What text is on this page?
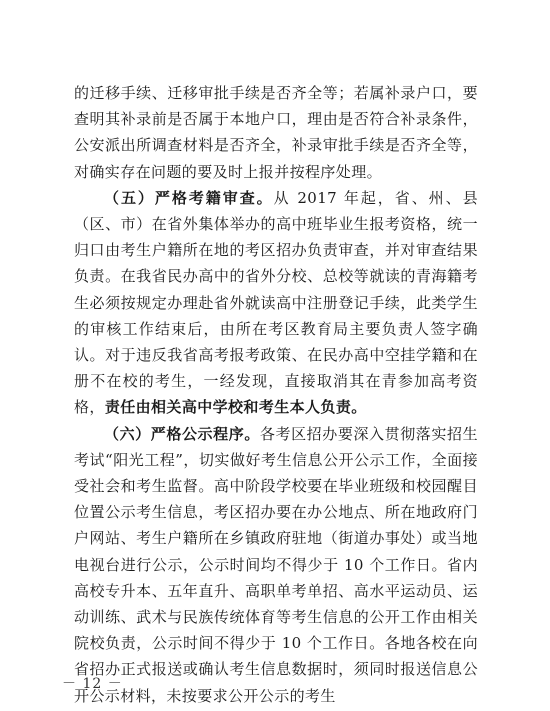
的迁移手续、迁移审批手续是否齐全等；若属补录户口，要查明其补录前是否属于本地户口，理由是否符合补录条件，公安派出所调查材料是否齐全，补录审批手续是否齐全等，对确实存在问题的要及时上报并按程序处理。

（五）严格考籍审查。从 2017 年起，省、州、县（区、市）在省外集体举办的高中班毕业生报考资格，统一归口由考生户籍所在地的考区招办负责审查，并对审查结果负责。在我省民办高中的省外分校、总校等就读的青海籍考生必须按规定办理赴省外就读高中注册登记手续，此类学生的审核工作结束后，由所在考区教育局主要负责人签字确认。对于违反我省高考报考政策、在民办高中空挂学籍和在册不在校的考生，一经发现，直接取消其在青参加高考资格，责任由相关高中学校和考生本人负责。

（六）严格公示程序。各考区招办要深入贯彻落实招生考试“阳光工程”，切实做好考生信息公开公示工作，全面接受社会和考生监督。高中阶段学校要在毕业班级和校园醒目位置公示考生信息，考区招办要在办公地点、所在地政府门户网站、考生户籍所在乡镇政府驻地（街道办事处）或当地电视台进行公示，公示时间均不得少于 10 个工作日。省内高校专升本、五年直升、高职单考单招、高水平运动员、运动训练、武术与民族传统体育等考生信息的公开工作由相关院校负责，公示时间不得少于 10 个工作日。各地各校在向省招办正式报送或确认考生信息数据时，须同时报送信息公开公示材料，未按要求公开公示的考生

－ 12 －
